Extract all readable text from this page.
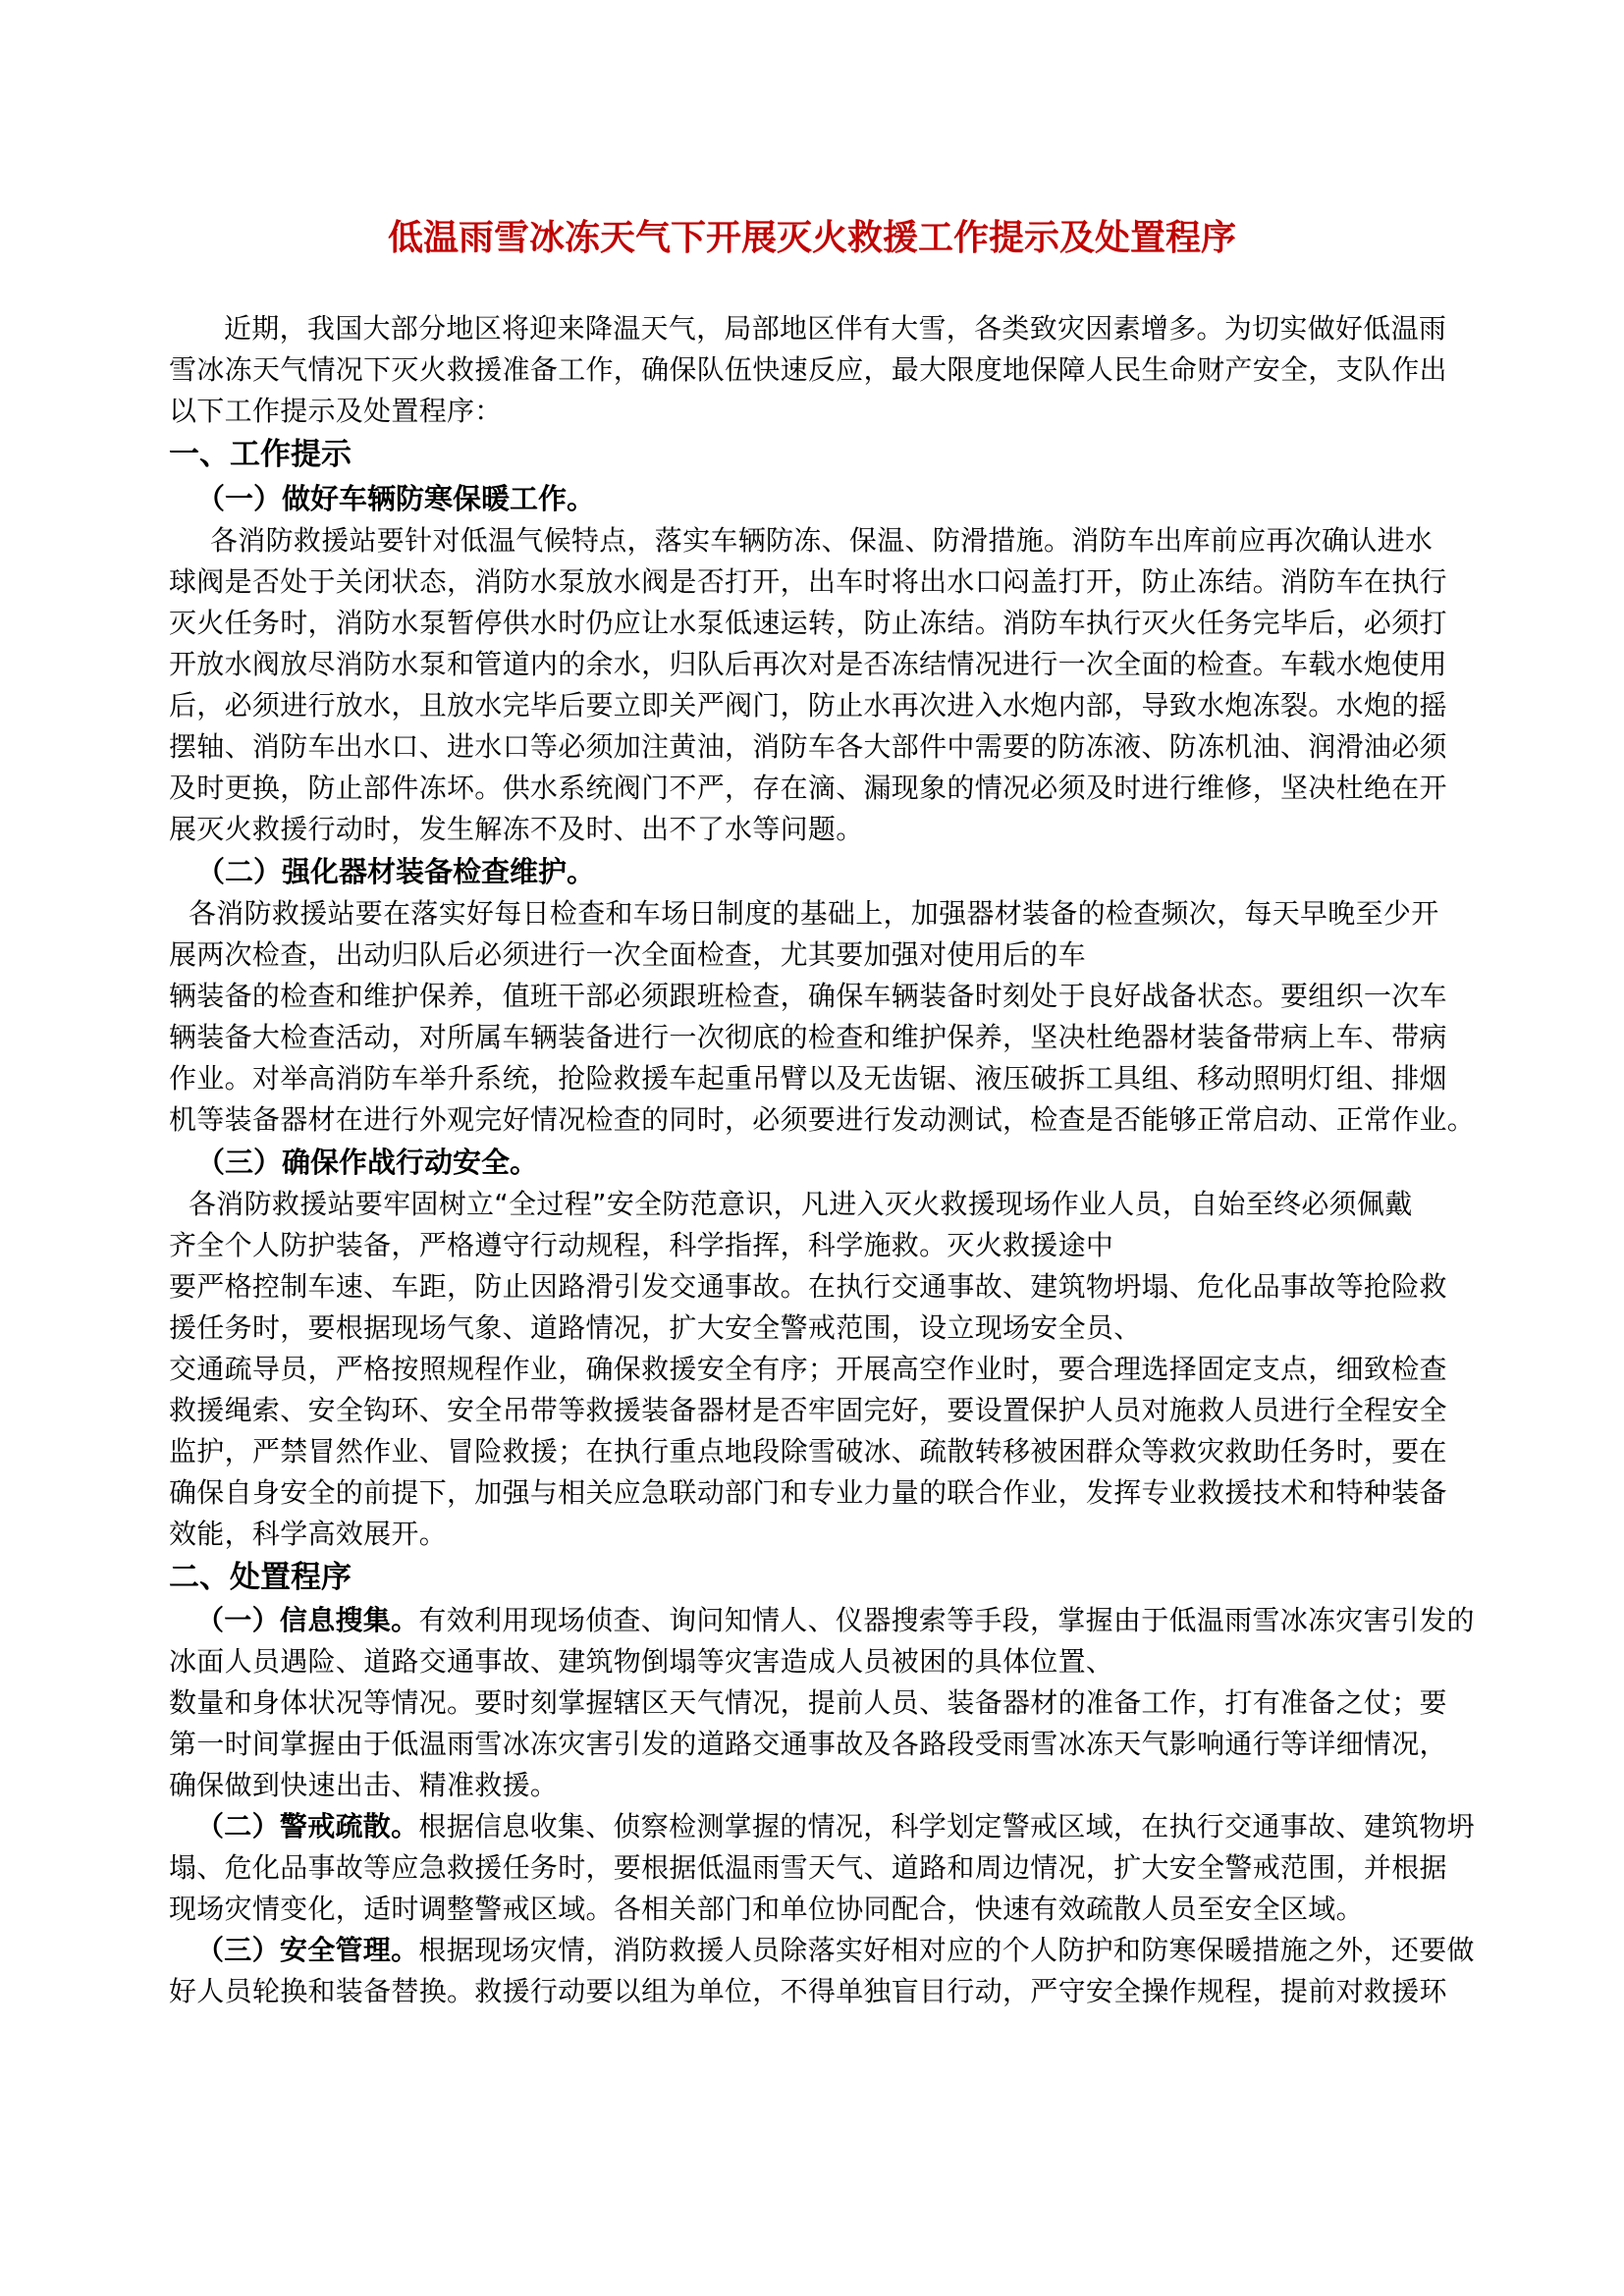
低温雨雪冰冻天气下开展灭火救援工作提示及处置程序
近期，我国大部分地区将迎来降温天气，局部地区伴有大雪，各类致灾因素增多。为切实做好低温雨
雪冰冻天气情况下灭火救援准备工作，确保队伍快速反应，最大限度地保障人民生命财产安全，支队作出
以下工作提示及处置程序：
一、工作提示
（一）做好车辆防寒保暖工作。
各消防救援站要针对低温气候特点，落实车辆防冻、保温、防滑措施。消防车出库前应再次确认进水
球阀是否处于关闭状态，消防水泵放水阀是否打开，出车时将出水口闷盖打开，防止冻结。消防车在执行
灭火任务时，消防水泵暂停供水时仍应让水泵低速运转，防止冻结。消防车执行灭火任务完毕后，必须打
开放水阀放尽消防水泵和管道内的余水，归队后再次对是否冻结情况进行一次全面的检查。车载水炮使用
后，必须进行放水，且放水完毕后要立即关严阀门，防止水再次进入水炮内部，导致水炮冻裂。水炮的摇
摆轴、消防车出水口、进水口等必须加注黄油，消防车各大部件中需要的防冻液、防冻机油、润滑油必须
及时更换，防止部件冻坏。供水系统阀门不严，存在滴、漏现象的情况必须及时进行维修，坚决杜绝在开
展灭火救援行动时，发生解冻不及时、出不了水等问题。
（二）强化器材装备检查维护。
各消防救援站要在落实好每日检查和车场日制度的基础上，加强器材装备的检查频次，每天早晚至少开
展两次检查，出动归队后必须进行一次全面检查，尤其要加强对使用后的车
辆装备的检查和维护保养，值班干部必须跟班检查，确保车辆装备时刻处于良好战备状态。要组织一次车
辆装备大检查活动，对所属车辆装备进行一次彻底的检查和维护保养，坚决杜绝器材装备带病上车、带病
作业。对举高消防车举升系统，抢险救援车起重吊臂以及无齿锯、液压破拆工具组、移动照明灯组、排烟
机等装备器材在进行外观完好情况检查的同时，必须要进行发动测试，检查是否能够正常启动、正常作业。
（三）确保作战行动安全。
各消防救援站要牢固树立“全过程”安全防范意识，凡进入灭火救援现场作业人员，自始至终必须佩戴
齐全个人防护装备，严格遵守行动规程，科学指挥，科学施救。灭火救援途中
要严格控制车速、车距，防止因路滑引发交通事故。在执行交通事故、建筑物坍塌、危化品事故等抢险救
援任务时，要根据现场气象、道路情况，扩大安全警戒范围，设立现场安全员、
交通疏导员，严格按照规程作业，确保救援安全有序；开展高空作业时，要合理选择固定支点，细致检查
救援绳索、安全钩环、安全吊带等救援装备器材是否牢固完好，要设置保护人员对施救人员进行全程安全
监护，严禁冒然作业、冒险救援；在执行重点地段除雪破冰、疏散转移被困群众等救灾救助任务时，要在
确保自身安全的前提下，加强与相关应急联动部门和专业力量的联合作业，发挥专业救援技术和特种装备
效能，科学高效展开。
二、处置程序
（一）信息搜集。有效利用现场侦查、询问知情人、仪器搜索等手段，掌握由于低温雨雪冰冻灾害引发的
冰面人员遇险、道路交通事故、建筑物倒塌等灾害造成人员被困的具体位置、
数量和身体状况等情况。要时刻掌握辖区天气情况，提前人员、装备器材的准备工作，打有准备之仗；要
第一时间掌握由于低温雨雪冰冻灾害引发的道路交通事故及各路段受雨雪冰冻天气影响通行等详细情况，
确保做到快速出击、精准救援。
（二）警戒疏散。根据信息收集、侦察检测掌握的情况，科学划定警戒区域，在执行交通事故、建筑物坍
塌、危化品事故等应急救援任务时，要根据低温雨雪天气、道路和周边情况，扩大安全警戒范围，并根据
现场灾情变化，适时调整警戒区域。各相关部门和单位协同配合，快速有效疏散人员至安全区域。
（三）安全管理。根据现场灾情，消防救援人员除落实好相对应的个人防护和防寒保暖措施之外，还要做
好人员轮换和装备替换。救援行动要以组为单位，不得单独盲目行动，严守安全操作规程，提前对救援环
